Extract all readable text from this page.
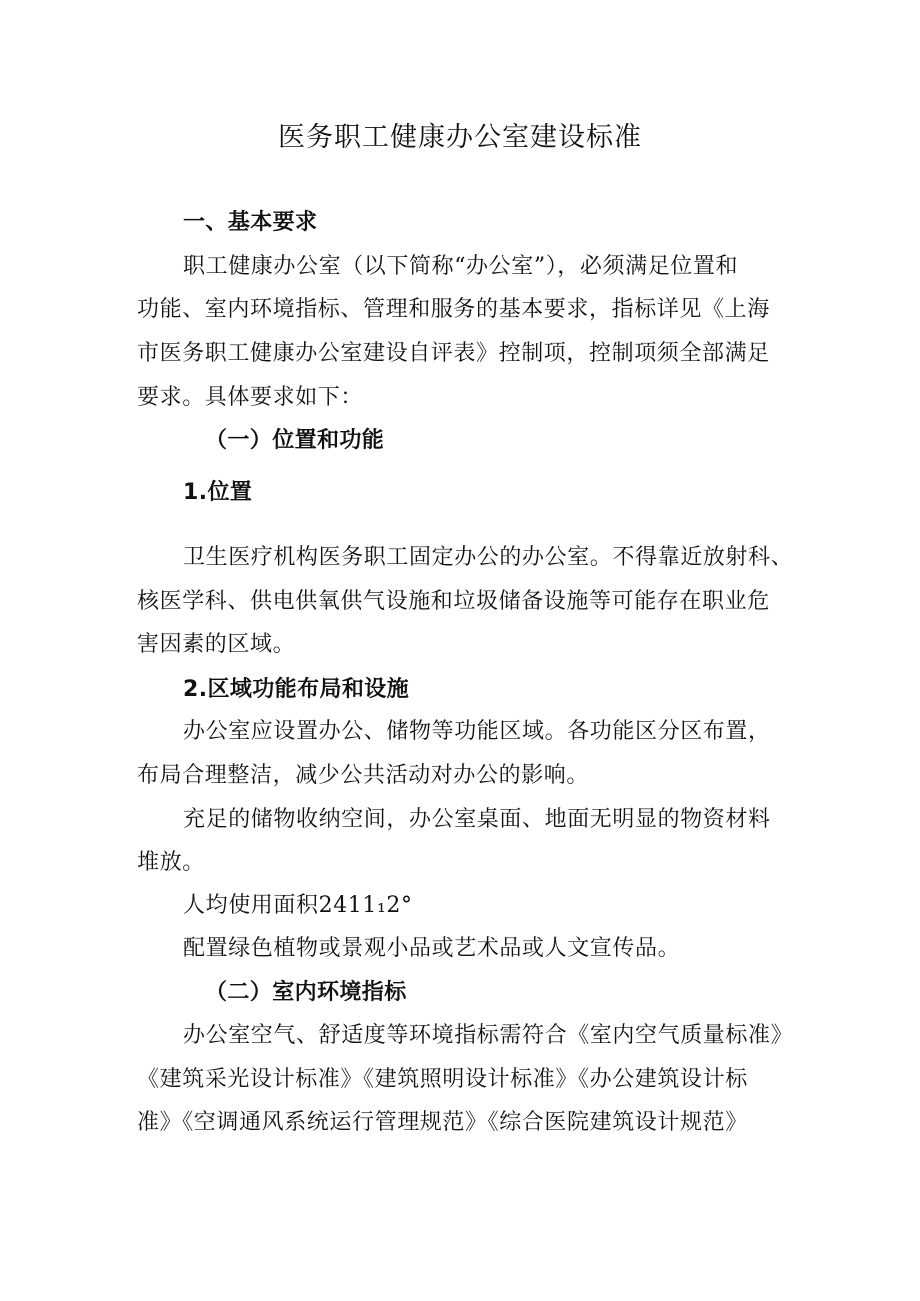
医务职工健康办公室建设标准
一、基本要求
职工健康办公室（以下简称“办公室”），必须满足位置和
功能、室内环境指标、管理和服务的基本要求，指标详见《上海
市医务职工健康办公室建设自评表》控制项，控制项须全部满足
要求。具体要求如下：
（一）位置和功能
1.位置
卫生医疗机构医务职工固定办公的办公室。不得靠近放射科、
核医学科、供电供氧供气设施和垃圾储备设施等可能存在职业危
害因素的区域。
2.区域功能布局和设施
办公室应设置办公、储物等功能区域。各功能区分区布置，
布局合理整洁，减少公共活动对办公的影响。
充足的储物收纳空间，办公室桌面、地面无明显的物资材料
堆放。
人均使用面积2411₁2°
配置绿色植物或景观小品或艺术品或人文宣传品。
（二）室内环境指标
办公室空气、舒适度等环境指标需符合《室内空气质量标准》
《建筑采光设计标准》《建筑照明设计标准》《办公建筑设计标
准》《空调通风系统运行管理规范》《综合医院建筑设计规范》
